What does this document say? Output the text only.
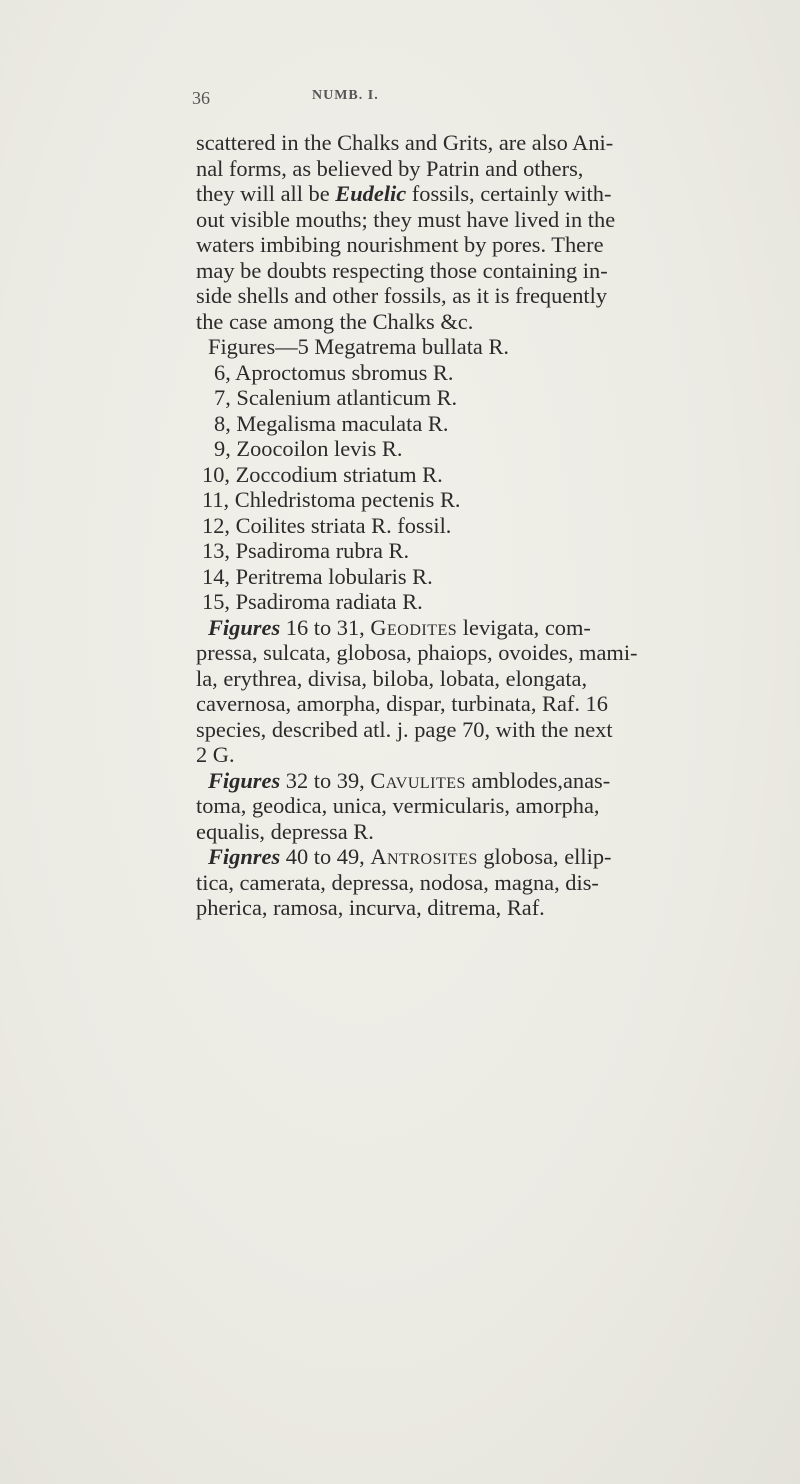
36	NUMB. I.
scattered in the Chalks and Grits, are also Ani-
nal forms, as believed by Patrin and others,
they will all be Eudelic fossils, certainly with-
out visible mouths; they must have lived in the
waters imbibing nourishment by pores. There
may be doubts respecting those containing in-
side shells and other fossils, as it is frequently
the case among the Chalks &c.
Figures—5 Megatrema bullata R.
6, Aproctomus sbromus R.
7, Scalenium atlanticum R.
8, Megalisma maculata R.
9, Zoocoilon levis R.
10, Zoccodium striatum R.
11, Chledristoma pectenis R.
12, Coilites striata R. fossil.
13, Psadiroma rubra R.
14, Peritrema lobularis R.
15, Psadiroma radiata R.
Figures 16 to 31, Geodites levigata, com-
pressa, sulcata, globosa, phaiops, ovoides, mami-
la, erythrea, divisa, biloba, lobata, elongata,
cavernosa, amorpha, dispar, turbinata, Raf. 16
species, described atl. j. page 70, with the next
2 G.
Figures 32 to 39, Cavulites amblodes,anas-
toma, geodica, unica, vermicularis, amorpha,
equalis, depressa R.
Fignres 40 to 49, Antrosites globosa, ellip-
tica, camerata, depressa, nodosa, magna, dis-
pherica, ramosa, incurva, ditrema, Raf.
